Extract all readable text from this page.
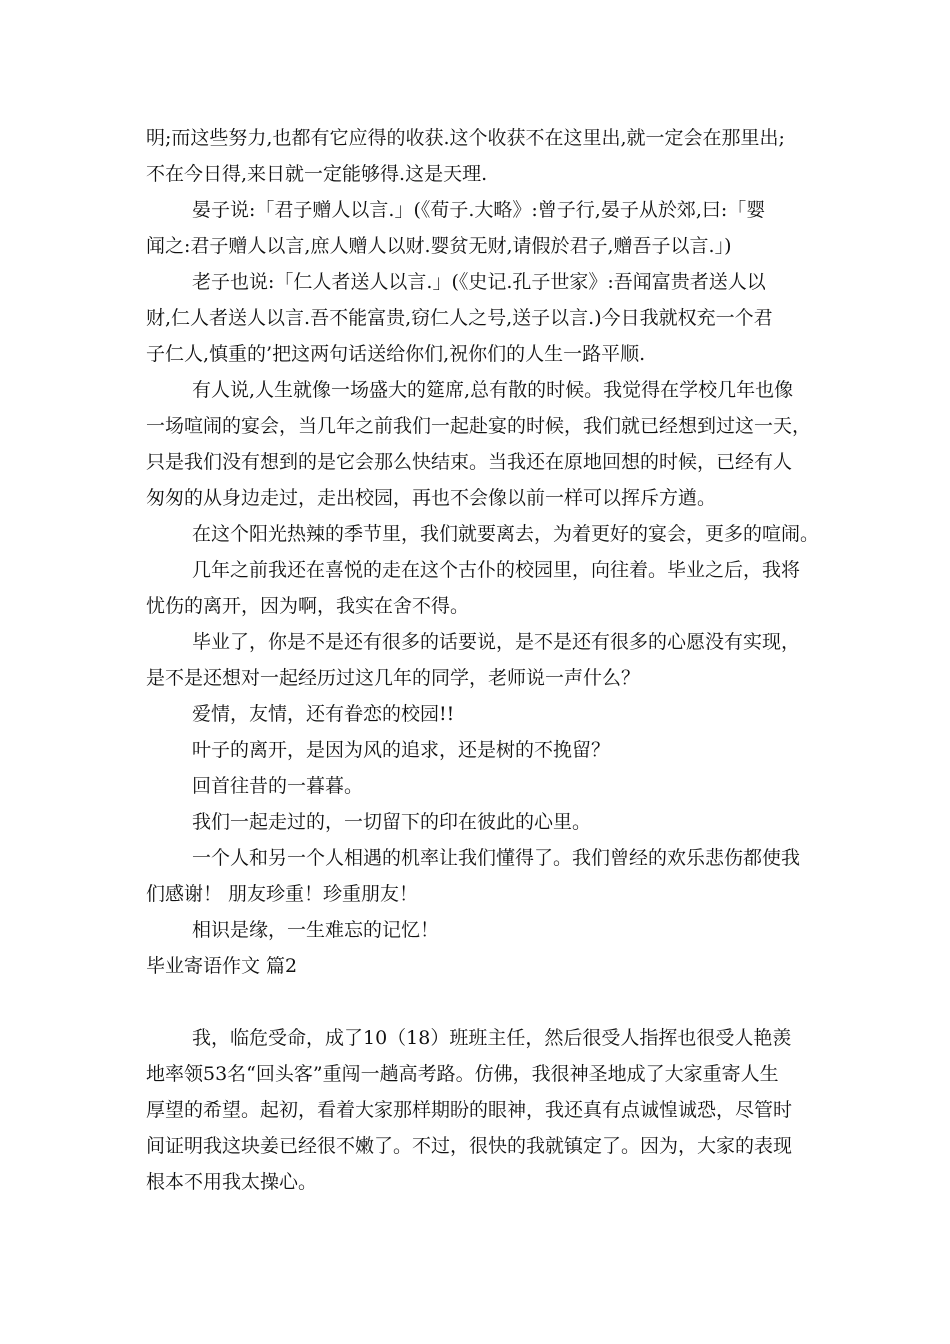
明;而这些努力,也都有它应得的收获.这个收获不在这里出,就一定会在那里出;
不在今日得,来日就一定能够得.这是天理.
晏子说:「君子赠人以言.」(《荀子.大略》:曾子行,晏子从於郊,曰:「婴
闻之:君子赠人以言,庶人赠人以财.婴贫无财,请假於君子,赠吾子以言.」)
老子也说:「仁人者送人以言.」(《史记.孔子世家》:吾闻富贵者送人以
财,仁人者送人以言.吾不能富贵,窃仁人之号,送子以言.)今日我就权充一个君
子仁人,慎重的’把这两句话送给你们,祝你们的人生一路平顺.
有人说,人生就像一场盛大的筵席,总有散的时候。我觉得在学校几年也像
一场喧闹的宴会，当几年之前我们一起赴宴的时候，我们就已经想到过这一天，
只是我们没有想到的是它会那么快结束。当我还在原地回想的时候，已经有人
匆匆的从身边走过，走出校园，再也不会像以前一样可以挥斥方遒。
在这个阳光热辣的季节里，我们就要离去，为着更好的宴会，更多的喧闹。
几年之前我还在喜悦的走在这个古仆的校园里，向往着。毕业之后，我将
忧伤的离开，因为啊，我实在舍不得。
毕业了，你是不是还有很多的话要说，是不是还有很多的心愿没有实现，
是不是还想对一起经历过这几年的同学，老师说一声什么？
爱情，友情，还有眷恋的校园!!
叶子的离开，是因为风的追求，还是树的不挽留？
回首往昔的一暮暮。
我们一起走过的，一切留下的印在彼此的心里。
一个人和另一个人相遇的机率让我们懂得了。我们曾经的欢乐悲伤都使我
们感谢！ 朋友珍重！珍重朋友！
相识是缘，一生难忘的记忆！
毕业寄语作文 篇2
我，临危受命，成了10（18）班班主任，然后很受人指挥也很受人艳羡
地率领53名“回头客”重闯一趟高考路。仿佛，我很神圣地成了大家重寄人生
厚望的希望。起初，看着大家那样期盼的眼神，我还真有点诚惶诚恐，尽管时
间证明我这块姜已经很不嫩了。不过，很快的我就镇定了。因为，大家的表现
根本不用我太操心。
